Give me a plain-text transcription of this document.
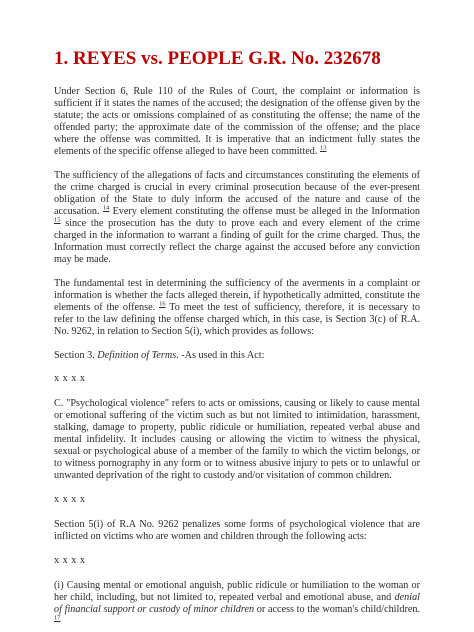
1. REYES vs. PEOPLE G.R. No. 232678

Under Section 6, Rule 110 of the Rules of Court, the complaint or information is sufficient if it states the names of the accused; the designation of the offense given by the statute; the acts or omissions complained of as constituting the offense; the name of the offended party; the approximate date of the commission of the offense; and the place where the offense was committed. It is imperative that an indictment fully states the elements of the specific offense alleged to have been committed. $^{13}$

The sufficiency of the allegations of facts and circumstances constituting the elements of the crime charged is crucial in every criminal prosecution because of the ever-present obligation of the State to duly inform the accused of the nature and cause of the accusation. $^{14}$ Every element constituting the offense must be alleged in the Information $^{15}$ since the prosecution has the duty to prove each and every element of the crime charged in the information to warrant a finding of guilt for the crime charged. Thus, the Information must correctly reflect the charge against the accused before any conviction may be made.

The fundamental test in determining the sufficiency of the averments in a complaint or information is whether the facts alleged therein, if hypothetically admitted, constitute the elements of the offense. $^{16}$ To meet the test of sufficiency, therefore, it is necessary to refer to the law defining the offense charged which, in this case, is Section 3(c) of R.A. No. 9262, in relation to Section 5(i), which provides as follows:

Section 3. Definition of Terms. -As used in this Act:

x x x x

C. "Psychological violence" refers to acts or omissions, causing or likely to cause mental or emotional suffering of the victim such as but not limited to intimidation, harassment, stalking, damage to property, public ridicule or humiliation, repeated verbal abuse and mental infidelity. It includes causing or allowing the victim to witness the physical, sexual or psychological abuse of a member of the family to which the victim belongs, or to witness pornography in any form or to witness abusive injury to pets or to unlawful or unwanted deprivation of the right to custody and/or visitation of common children.

x x x x

Section 5(i) of R.A No. 9262 penalizes some forms of psychological violence that are inflicted on victims who are women and children through the following acts:

x x x x

(i) Causing mental or emotional anguish, public ridicule or humiliation to the woman or her child, including, but not limited to, repeated verbal and emotional abuse, and denial of financial support or custody of minor children or access to the woman's child/children. $^{17}$
